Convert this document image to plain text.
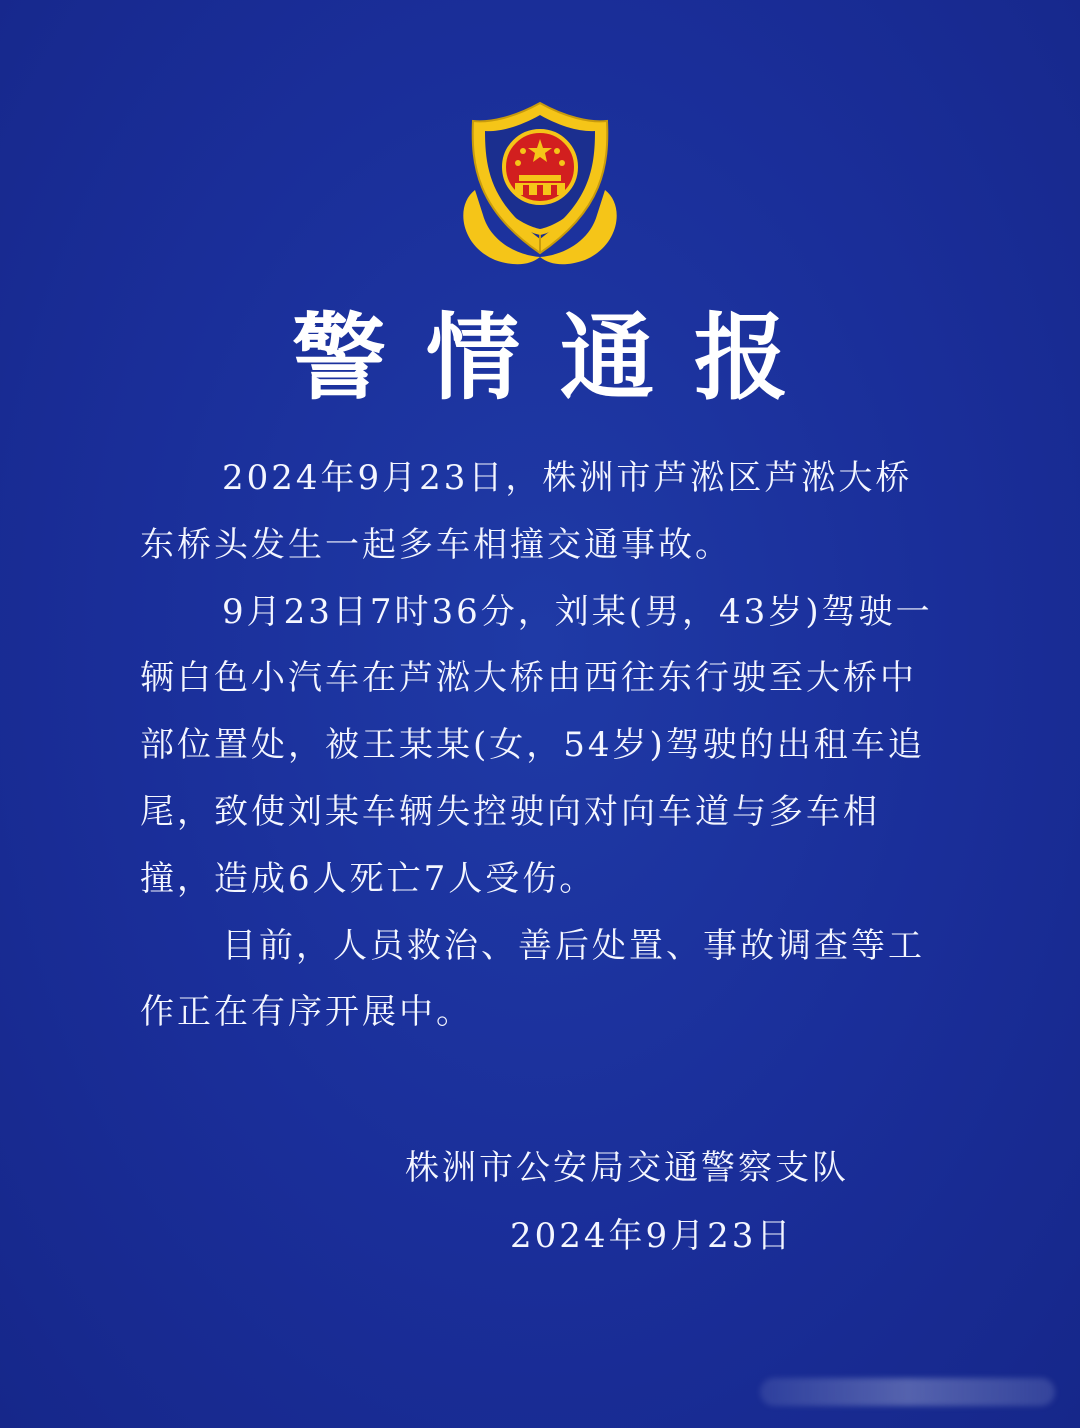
警情通报

2024年9月23日，株洲市芦淞区芦淞大桥东桥头发生一起多车相撞交通事故。

9月23日7时36分，刘某(男，43岁)驾驶一辆白色小汽车在芦淞大桥由西往东行驶至大桥中部位置处，被王某某(女，54岁)驾驶的出租车追尾，致使刘某车辆失控驶向对向车道与多车相撞，造成6人死亡7人受伤。

目前，人员救治、善后处置、事故调查等工作正在有序开展中。

株洲市公安局交通警察支队
2024年9月23日
